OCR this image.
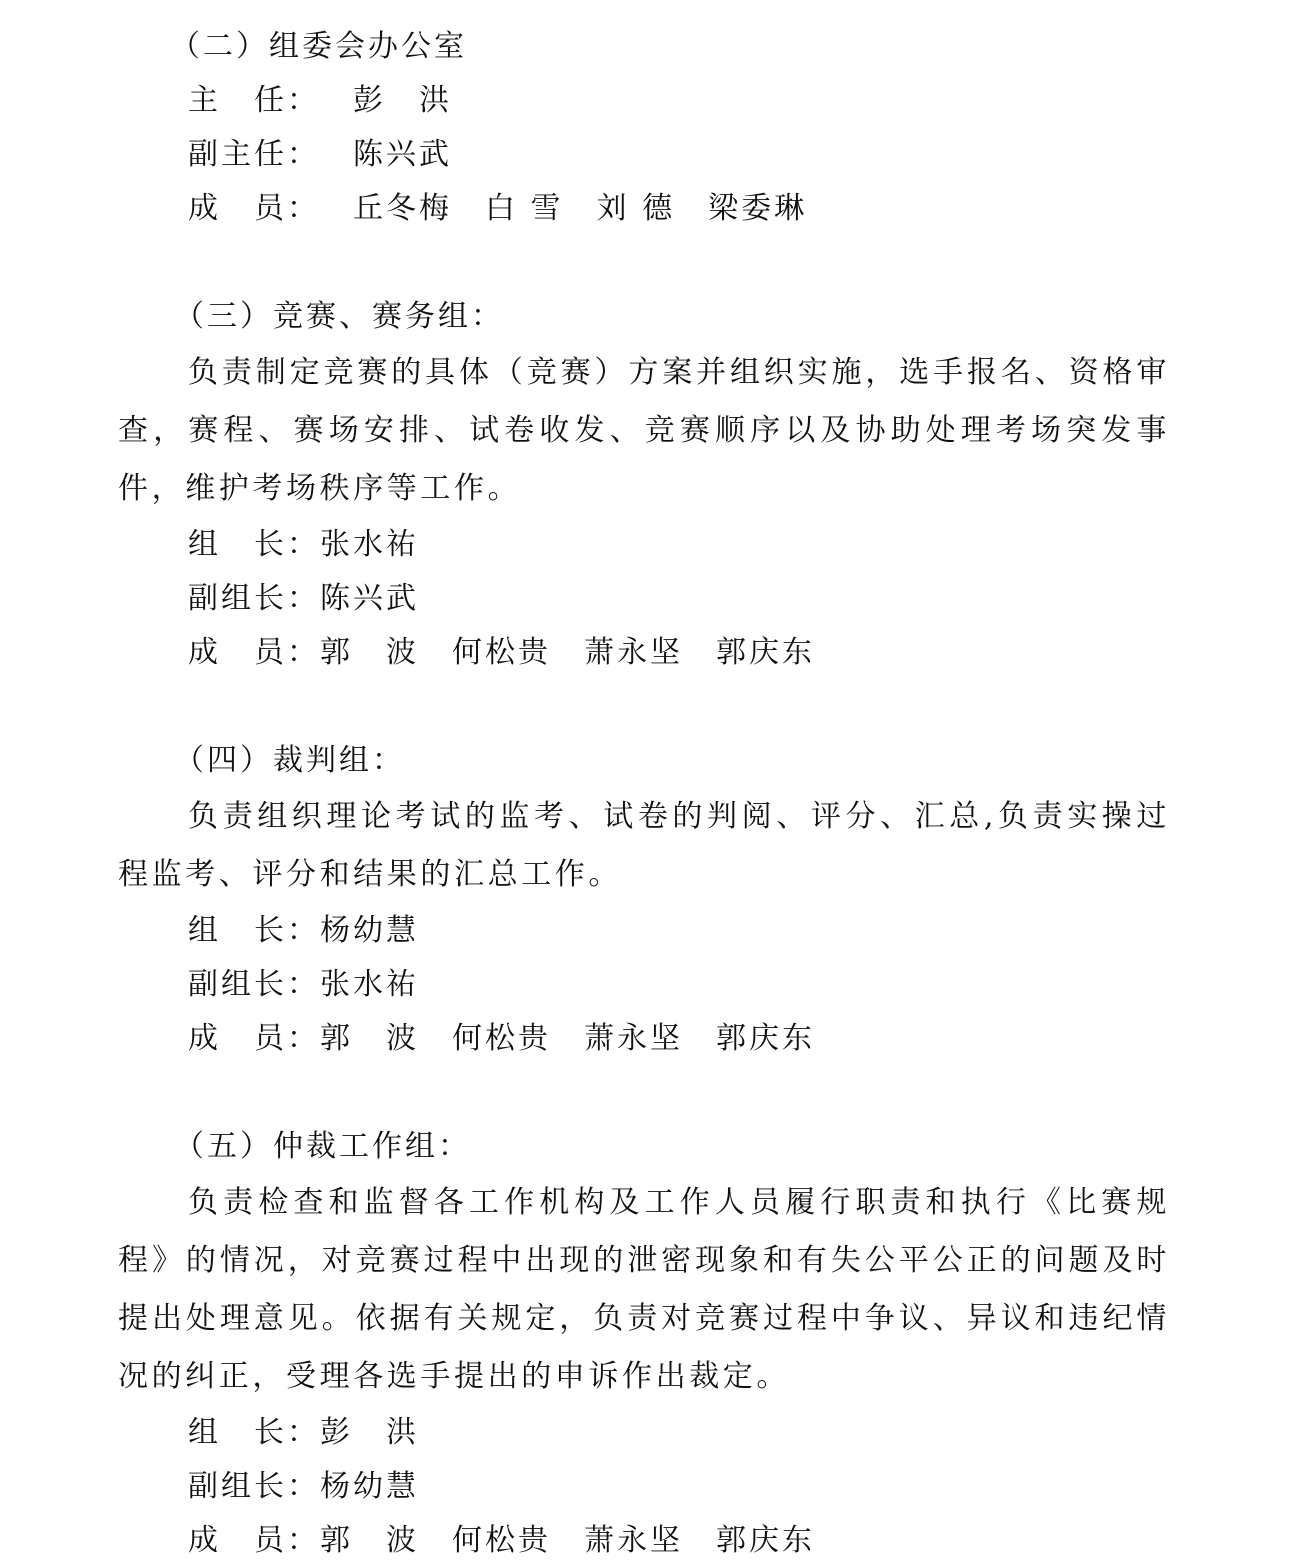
（二）组委会办公室
主　任：　彭　洪
副主任：　陈兴武
成　员：　丘冬梅　白 雪　刘 德　梁委琳
（三）竞赛、赛务组：

负责制定竞赛的具体（竞赛）方案并组织实施，选手报名、资格审查，赛程、赛场安排、试卷收发、竞赛顺序以及协助处理考场突发事件，维护考场秩序等工作。

组　长：张水祐
副组长：陈兴武
成　员：郭　波　何松贵　萧永坚　郭庆东
（四）裁判组：

负责组织理论考试的监考、试卷的判阅、评分、汇总,负责实操过程监考、评分和结果的汇总工作。

组　长：杨幼慧
副组长：张水祐
成　员：郭　波　何松贵　萧永坚　郭庆东
（五）仲裁工作组：

负责检查和监督各工作机构及工作人员履行职责和执行《比赛规程》的情况，对竞赛过程中出现的泄密现象和有失公平公正的问题及时提出处理意见。依据有关规定，负责对竞赛过程中争议、异议和违纪情况的纠正，受理各选手提出的申诉作出裁定。

组　长：彭　洪
副组长：杨幼慧
成　员：郭　波　何松贵　萧永坚　郭庆东
